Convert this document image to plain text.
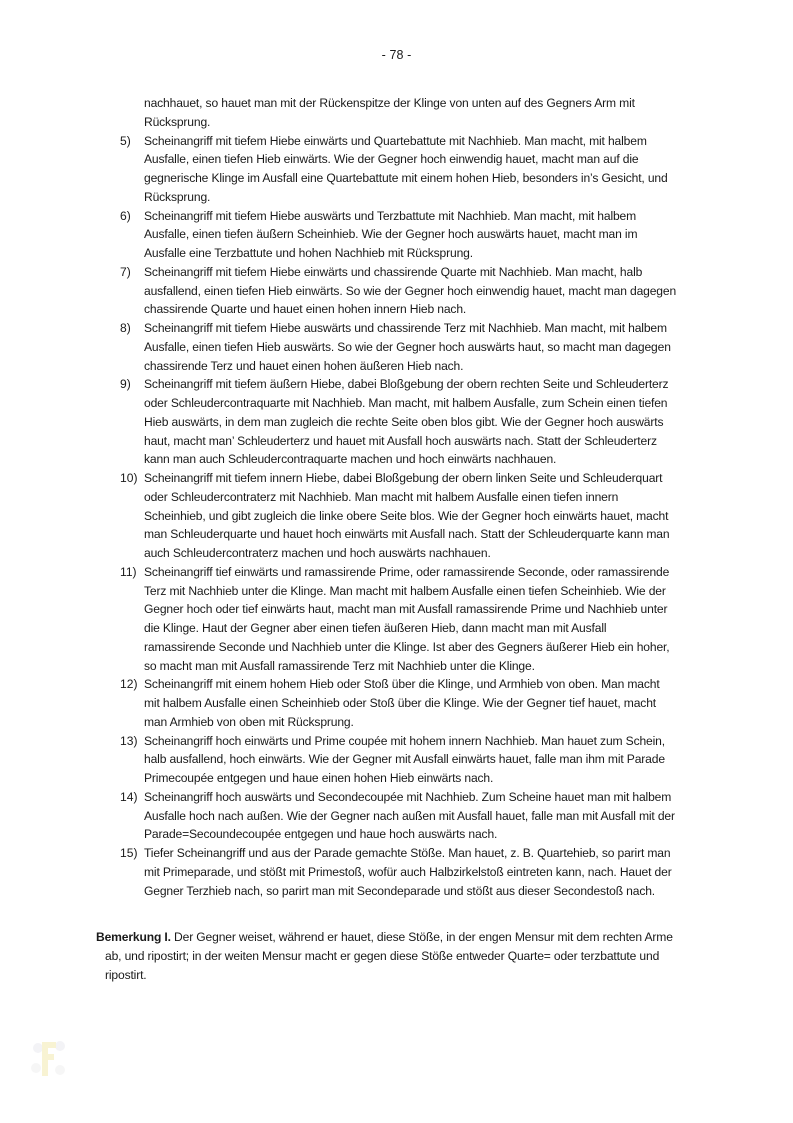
- 78 -
nachhauet, so hauet man mit der Rückenspitze der Klinge von unten auf des Gegners Arm mit
Rücksprung.
5)	Scheinangriff mit tiefem Hiebe einwärts und Quartebattute mit Nachhieb. Man macht, mit halbem
Ausfalle, einen tiefen Hieb einwärts. Wie der Gegner hoch einwendig hauet, macht man auf die
gegnerische Klinge im Ausfall eine Quartebattute mit einem hohen Hieb, besonders in’s Gesicht, und
Rücksprung.
6)	Scheinangriff mit tiefem Hiebe auswärts und Terzbattute mit Nachhieb. Man macht, mit halbem
Ausfalle, einen tiefen äußern Scheinhieb. Wie der Gegner hoch auswärts hauet, macht man im
Ausfalle eine Terzbattute und hohen Nachhieb mit Rücksprung.
7)	Scheinangriff mit tiefem Hiebe einwärts und chassirende Quarte mit Nachhieb. Man macht, halb
ausfallend, einen tiefen Hieb einwärts. So wie der Gegner hoch einwendig hauet, macht man dagegen
chassirende Quarte und hauet einen hohen innern Hieb nach.
8)	Scheinangriff mit tiefem Hiebe auswärts und chassirende Terz mit Nachhieb. Man macht, mit halbem
Ausfalle, einen tiefen Hieb auswärts. So wie der Gegner hoch auswärts haut, so macht man dagegen
chassirende Terz und hauet einen hohen äußeren Hieb nach.
9)	Scheinangriff mit tiefem äußern Hiebe, dabei Bloßgebung der obern rechten Seite und Schleuderterz
oder Schleudercontraquarte mit Nachhieb. Man macht, mit halbem Ausfalle, zum Schein einen tiefen
Hieb auswärts, in dem man zugleich die rechte Seite oben blos gibt. Wie der Gegner hoch auswärts
haut, macht man’ Schleuderterz und hauet mit Ausfall hoch auswärts nach. Statt der Schleuderterz
kann man auch Schleudercontraquarte machen und hoch einwärts nachhauen.
10) Scheinangriff mit tiefem innern Hiebe, dabei Bloßgebung der obern linken Seite und Schleuderquart
oder Schleudercontraterz mit Nachhieb. Man macht mit halbem Ausfalle einen tiefen innern
Scheinhieb, und gibt zugleich die linke obere Seite blos. Wie der Gegner hoch einwärts hauet, macht
man Schleuderquarte und hauet hoch einwärts mit Ausfall nach. Statt der Schleuderquarte kann man
auch Schleudercontraterz machen und hoch auswärts nachhauen.
11) Scheinangriff tief einwärts und ramassirende Prime, oder ramassirende Seconde, oder ramassirende
Terz mit Nachhieb unter die Klinge. Man macht mit halbem Ausfalle einen tiefen Scheinhieb. Wie der
Gegner hoch oder tief einwärts haut, macht man mit Ausfall ramassirende Prime und Nachhieb unter
die Klinge. Haut der Gegner aber einen tiefen äußeren Hieb, dann macht man mit Ausfall
ramassirende Seconde und Nachhieb unter die Klinge. Ist aber des Gegners äußerer Hieb ein hoher,
so macht man mit Ausfall ramassirende Terz mit Nachhieb unter die Klinge.
12) Scheinangriff mit einem hohem Hieb oder Stoß über die Klinge, und Armhieb von oben. Man macht
mit halbem Ausfalle einen Scheinhieb oder Stoß über die Klinge. Wie der Gegner tief hauet, macht
man Armhieb von oben mit Rücksprung.
13) Scheinangriff hoch einwärts und Prime coupée mit hohem innern Nachhieb. Man hauet zum Schein,
halb ausfallend, hoch einwärts. Wie der Gegner mit Ausfall einwärts hauet, falle man ihm mit Parade
Primecoupée entgegen und haue einen hohen Hieb einwärts nach.
14) Scheinangriff hoch auswärts und Secondecoupée mit Nachhieb. Zum Scheine hauet man mit halbem
Ausfalle hoch nach außen. Wie der Gegner nach außen mit Ausfall hauet, falle man mit Ausfall mit der
Parade=Secoundecoupée entgegen und haue hoch auswärts nach.
15) Tiefer Scheinangriff und aus der Parade gemachte Stöße. Man hauet, z. B. Quartehieb, so parirt man
mit Primeparade, und stößt mit Primestoß, wofür auch Halbzirkelstoß eintreten kann, nach. Hauet der
Gegner Terzhieb nach, so parirt man mit Secondeparade und stößt aus dieser Secondestoß nach.
Bemerkung I. Der Gegner weiset, während er hauet, diese Stöße, in der engen Mensur mit dem rechten Arme
ab, und ripostirt; in der weiten Mensur macht er gegen diese Stöße entweder Quarte= oder terzbattute und
ripostirt.
